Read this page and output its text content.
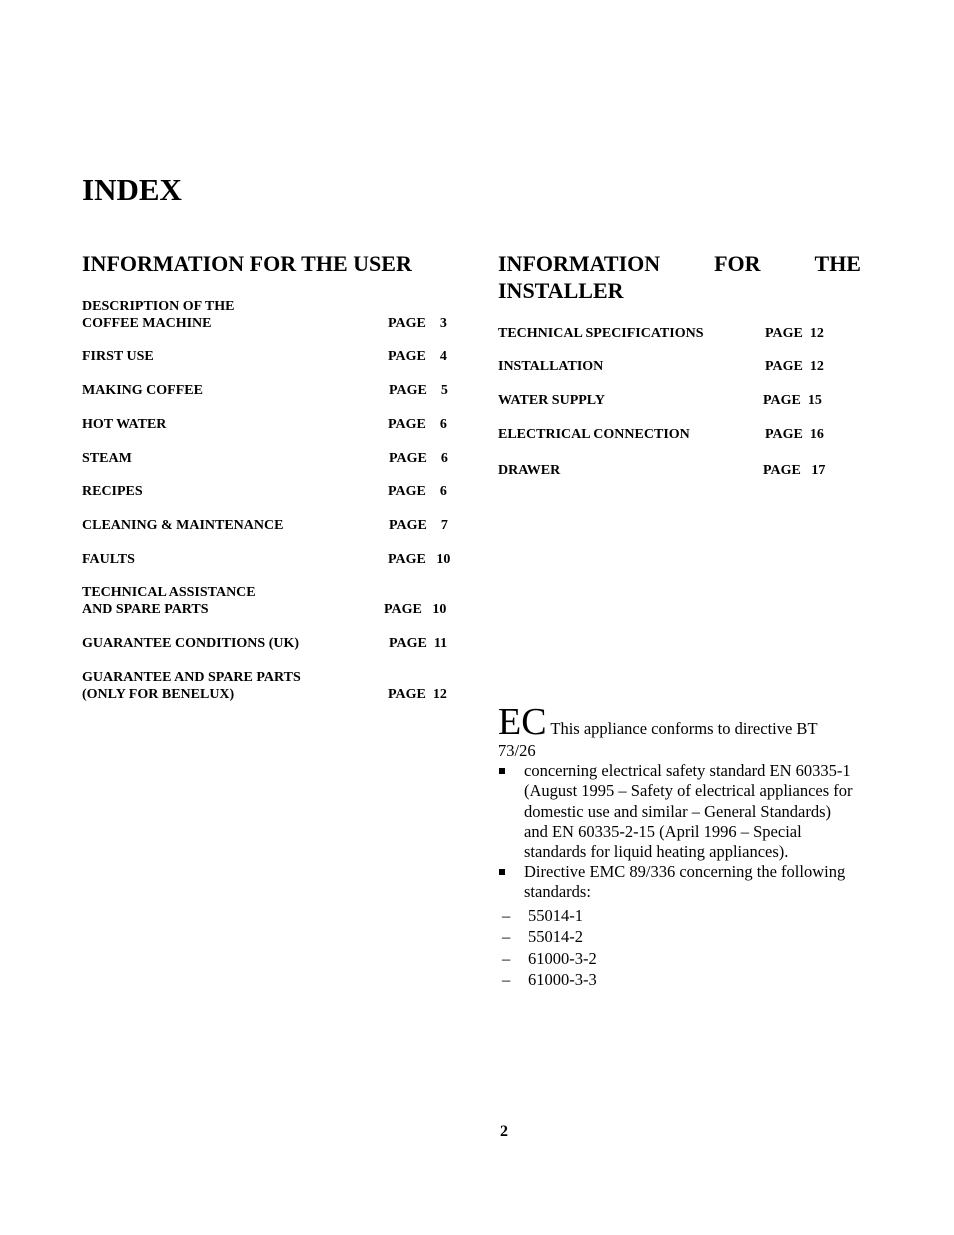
INDEX
INFORMATION FOR THE USER	INFORMATION FOR THE
INSTALLER
DESCRIPTION OF THE
COFFEE MACHINE	PAGE    3
FIRST USE	PAGE    4
MAKING COFFEE	PAGE    5
HOT WATER	PAGE    6
STEAM	PAGE    6
RECIPES	PAGE    6
CLEANING & MAINTENANCE	PAGE    7
FAULTS	PAGE   10
TECHNICAL ASSISTANCE
AND SPARE PARTS	PAGE   10
GUARANTEE CONDITIONS (UK)	PAGE  11
GUARANTEE AND SPARE PARTS
(ONLY FOR BENELUX)	PAGE  12
TECHNICAL SPECIFICATIONS	PAGE  12
INSTALLATION	PAGE  12
WATER SUPPLY	PAGE  15
ELECTRICAL CONNECTION	PAGE  16
DRAWER	PAGE   17
EC This appliance conforms to directive BT 73/26
concerning electrical safety standard EN 60335-1 (August 1995 – Safety of electrical appliances for domestic use and similar – General Standards) and EN 60335-2-15 (April 1996 – Special standards for liquid heating appliances).
Directive EMC 89/336 concerning the following standards:
– 55014-1
– 55014-2
– 61000-3-2
– 61000-3-3
2
